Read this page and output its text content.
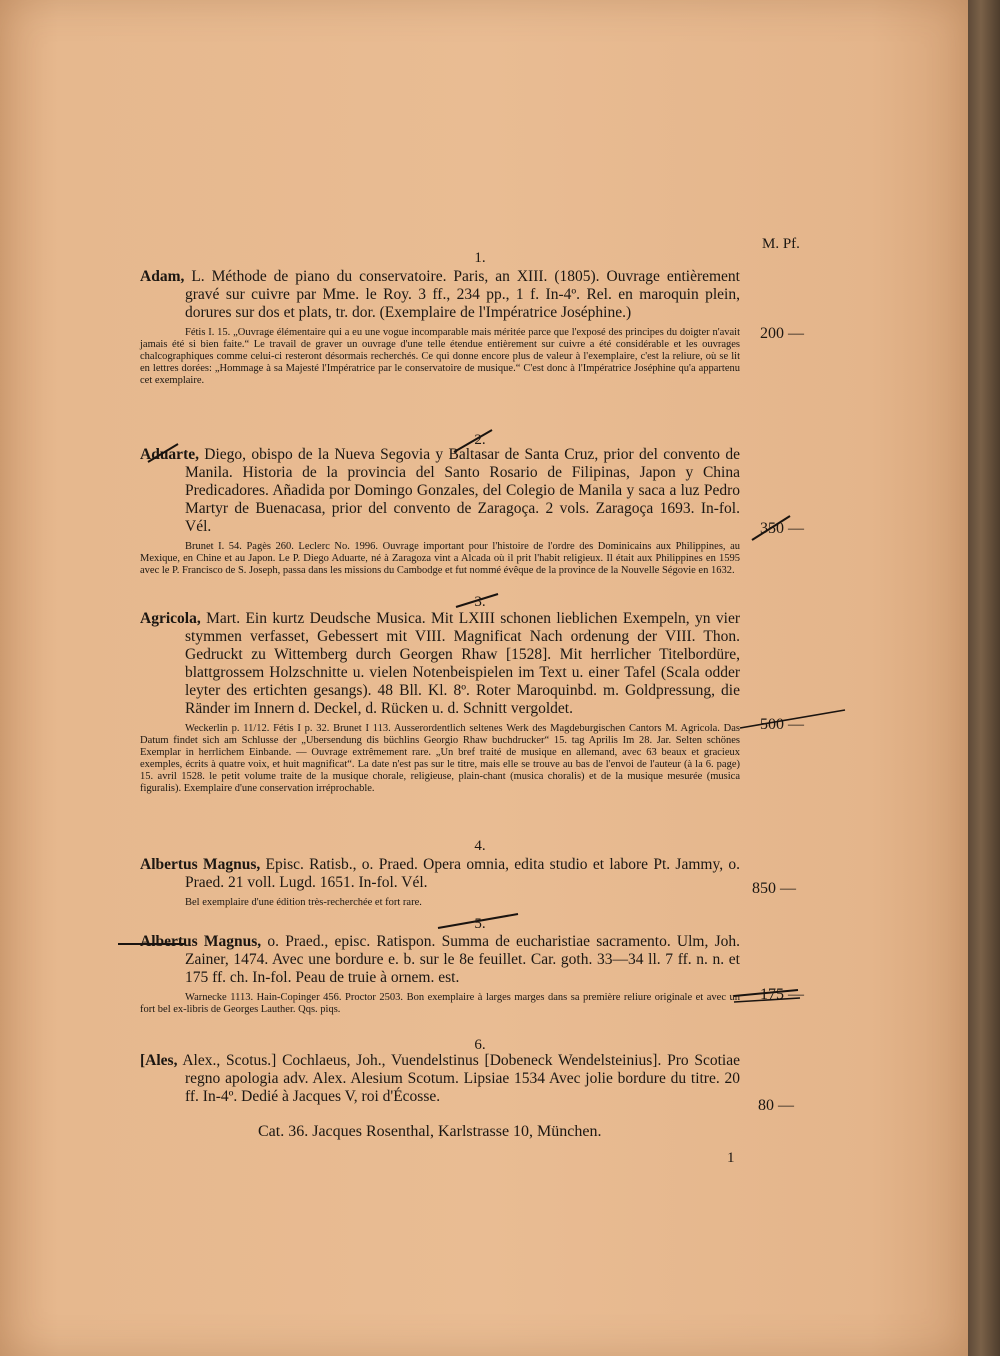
M. Pf.
1.
Adam, L. Méthode de piano du conservatoire. Paris, an XIII. (1805). Ouvrage entièrement gravé sur cuivre par Mme. le Roy. 3 ff., 234 pp., 1 f. In-4º. Rel. en maroquin plein, dorures sur dos et plats, tr. dor. (Exemplaire de l'Impératrice Joséphine.)
Fétis I. 15. „Ouvrage élémentaire qui a eu une vogue incomparable mais méritée parce que l'exposé des principes du doigter n'avait jamais été si bien faite.“ Le travail de graver un ouvrage d'une telle étendue entièrement sur cuivre a été considérable et les ouvrages chalcographiques comme celui-ci resteront désormais recherchés. Ce qui donne encore plus de valeur à l'exemplaire, c'est la reliure, où se lit en lettres dorées: „Hommage à sa Majesté l'Impératrice par le conservatoire de musique.“ C'est donc à l'Impératrice Joséphine qu'a appartenu cet exemplaire.
200 —
2.
Aduarte, Diego, obispo de la Nueva Segovia y Baltasar de Santa Cruz, prior del convento de Manila. Historia de la provincia del Santo Rosario de Filipinas, Japon y China Predicadores. Añadida por Domingo Gonzales, del Colegio de Manila y saca a luz Pedro Martyr de Buenacasa, prior del convento de Zaragoça. 2 vols. Zaragoça 1693. In-fol. Vél.
Brunet I. 54. Pagès 260. Leclerc No. 1996. Ouvrage important pour l'histoire de l'ordre des Dominicains aux Philippines, au Mexique, en Chine et au Japon. Le P. Diego Aduarte, né à Zaragoza vint a Alcada où il prit l'habit religieux. Il était aux Philippines en 1595 avec le P. Francisco de S. Joseph, passa dans les missions du Cambodge et fut nommé évêque de la province de la Nouvelle Ségovie en 1632.
350 —
3.
Agricola, Mart. Ein kurtz Deudsche Musica. Mit LXIII schonen lieblichen Exempeln, yn vier stymmen verfasset, Gebessert mit VIII. Magnificat Nach ordenung der VIII. Thon. Gedruckt zu Wittemberg durch Georgen Rhaw [1528]. Mit herrlicher Titelbordüre, blattgrossem Holzschnitte u. vielen Notenbeispielen im Text u. einer Tafel (Scala odder leyter des ertichten gesangs). 48 Bll. Kl. 8º. Roter Maroquinbd. m. Goldpressung, die Ränder im Innern d. Deckel, d. Rücken u. d. Schnitt vergoldet.
Weckerlin p. 11/12. Fétis I p. 32. Brunet I 113. Ausserordentlich seltenes Werk des Magdeburgischen Cantors M. Agricola. Das Datum findet sich am Schlusse der „Ubersendung dis büchlins Georgio Rhaw buchdrucker“ 15. tag Aprilis Im 28. Jar. Selten schönes Exemplar in herrlichem Einbande. — Ouvrage extrêmement rare. „Un bref traité de musique en allemand, avec 63 beaux et gracieux exemples, écrits à quatre voix, et huit magnificat“. La date n'est pas sur le titre, mais elle se trouve au bas de l'envoi de l'auteur (à la 6. page) 15. avril 1528. le petit volume traite de la musique chorale, religieuse, plain-chant (musica choralis) et de la musique mesurée (musica figuralis). Exemplaire d'une conservation irréprochable.
500 —
4.
Albertus Magnus, Episc. Ratisb., o. Praed. Opera omnia, edita studio et labore Pt. Jammy, o. Praed. 21 voll. Lugd. 1651. In-fol. Vél.
Bel exemplaire d'une édition très-recherchée et fort rare.
850 —
5.
Albertus Magnus, o. Praed., episc. Ratispon. Summa de eucharistiae sacramento. Ulm, Joh. Zainer, 1474. Avec une bordure e. b. sur le 8e feuillet. Car. goth. 33—34 ll. 7 ff. n. n. et 175 ff. ch. In-fol. Peau de truie à ornem. est.
Warnecke 1113. Hain-Copinger 456. Proctor 2503. Bon exemplaire à larges marges dans sa première reliure originale et avec un fort bel ex-libris de Georges Lauther. Qqs. piqs.
175 —
6.
[Ales, Alex., Scotus.] Cochlaeus, Joh., Vuendelstinus [Dobeneck Wendelsteinius]. Pro Scotiae regno apologia adv. Alex. Alesium Scotum. Lipsiae 1534 Avec jolie bordure du titre. 20 ff. In-4º. Dedié à Jacques V, roi d'Écosse.
80 —
Cat. 36. Jacques Rosenthal, Karlstrasse 10, München.
1
